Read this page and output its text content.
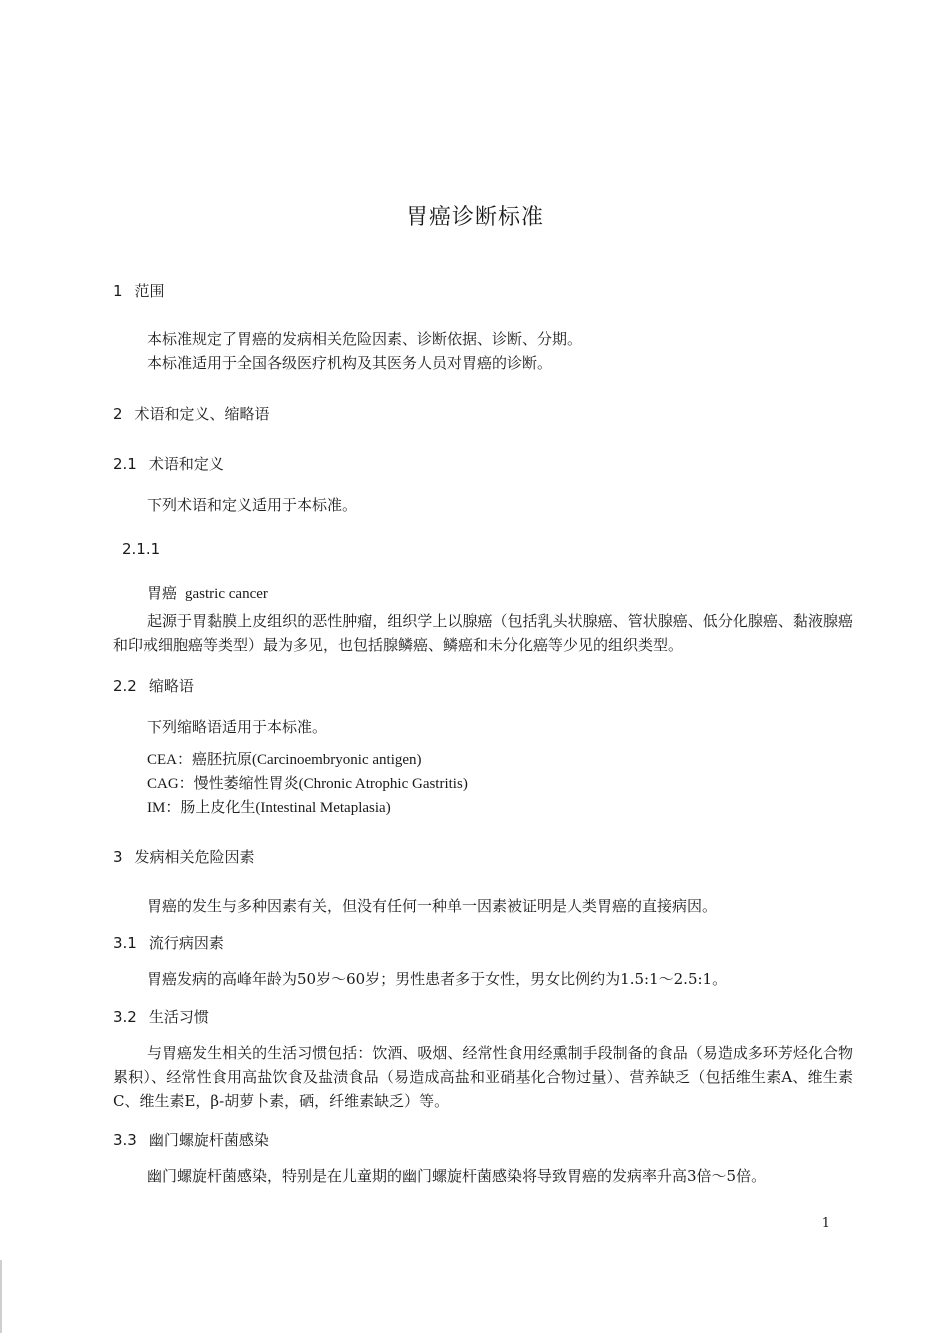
胃癌诊断标准
1 范围
本标准规定了胃癌的发病相关危险因素、诊断依据、诊断、分期。
本标准适用于全国各级医疗机构及其医务人员对胃癌的诊断。
2 术语和定义、缩略语
2.1 术语和定义
下列术语和定义适用于本标准。
2.1.1
胃癌 gastric cancer
起源于胃黏膜上皮组织的恶性肿瘤，组织学上以腺癌（包括乳头状腺癌、管状腺癌、低分化腺癌、黏液腺癌和印戒细胞癌等类型）最为多见，也包括腺鳞癌、鳞癌和未分化癌等少见的组织类型。
2.2 缩略语
下列缩略语适用于本标准。
CEA：癌胚抗原(Carcinoembryonic antigen)
CAG：慢性萎缩性胃炎(Chronic Atrophic Gastritis)
IM：肠上皮化生(Intestinal Metaplasia)
3 发病相关危险因素
胃癌的发生与多种因素有关，但没有任何一种单一因素被证明是人类胃癌的直接病因。
3.1 流行病因素
胃癌发病的高峰年龄为50岁～60岁；男性患者多于女性，男女比例约为1.5:1～2.5:1。
3.2 生活习惯
与胃癌发生相关的生活习惯包括：饮酒、吸烟、经常性食用经熏制手段制备的食品（易造成多环芳烃化合物累积）、经常性食用高盐饮食及盐渍食品（易造成高盐和亚硝基化合物过量）、营养缺乏（包括维生素A、维生素C、维生素E，β-胡萝卜素，硒，纤维素缺乏）等。
3.3 幽门螺旋杆菌感染
幽门螺旋杆菌感染，特别是在儿童期的幽门螺旋杆菌感染将导致胃癌的发病率升高3倍～5倍。
1
